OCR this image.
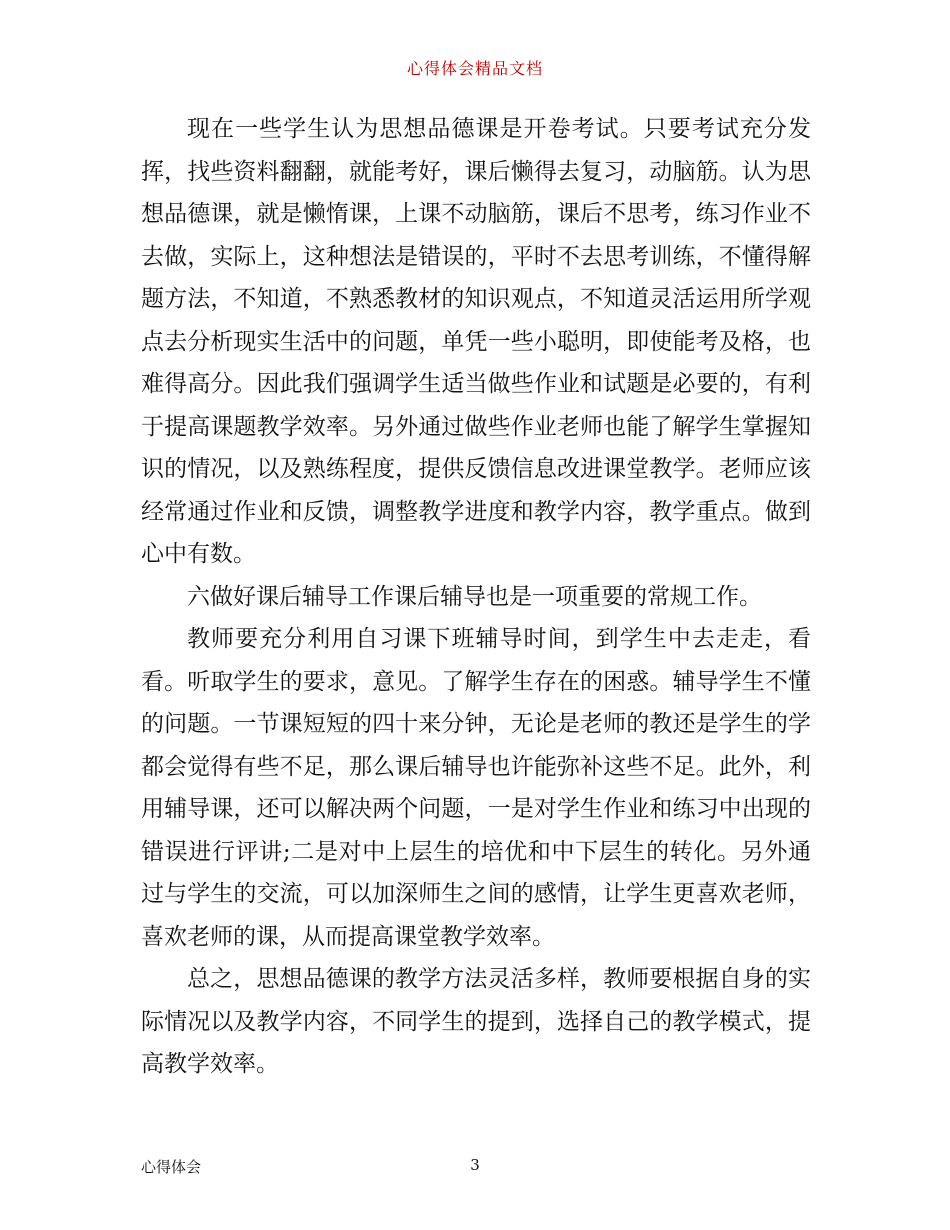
心得体会精品文档

现在一些学生认为思想品德课是开卷考试。只要考试充分发挥，找些资料翻翻，就能考好，课后懒得去复习，动脑筋。认为思想品德课，就是懒惰课，上课不动脑筋，课后不思考，练习作业不去做，实际上，这种想法是错误的，平时不去思考训练，不懂得解题方法，不知道，不熟悉教材的知识观点，不知道灵活运用所学观点去分析现实生活中的问题，单凭一些小聪明，即使能考及格，也难得高分。因此我们强调学生适当做些作业和试题是必要的，有利于提高课题教学效率。另外通过做些作业老师也能了解学生掌握知识的情况，以及熟练程度，提供反馈信息改进课堂教学。老师应该经常通过作业和反馈，调整教学进度和教学内容，教学重点。做到心中有数。

六做好课后辅导工作课后辅导也是一项重要的常规工作。

教师要充分利用自习课下班辅导时间，到学生中去走走，看看。听取学生的要求，意见。了解学生存在的困惑。辅导学生不懂的问题。一节课短短的四十来分钟，无论是老师的教还是学生的学都会觉得有些不足，那么课后辅导也许能弥补这些不足。此外，利用辅导课，还可以解决两个问题，一是对学生作业和练习中出现的错误进行评讲;二是对中上层生的培优和中下层生的转化。另外通过与学生的交流，可以加深师生之间的感情，让学生更喜欢老师，喜欢老师的课，从而提高课堂教学效率。

总之，思想品德课的教学方法灵活多样，教师要根据自身的实际情况以及教学内容，不同学生的提到，选择自己的教学模式，提高教学效率。

心得体会	3
